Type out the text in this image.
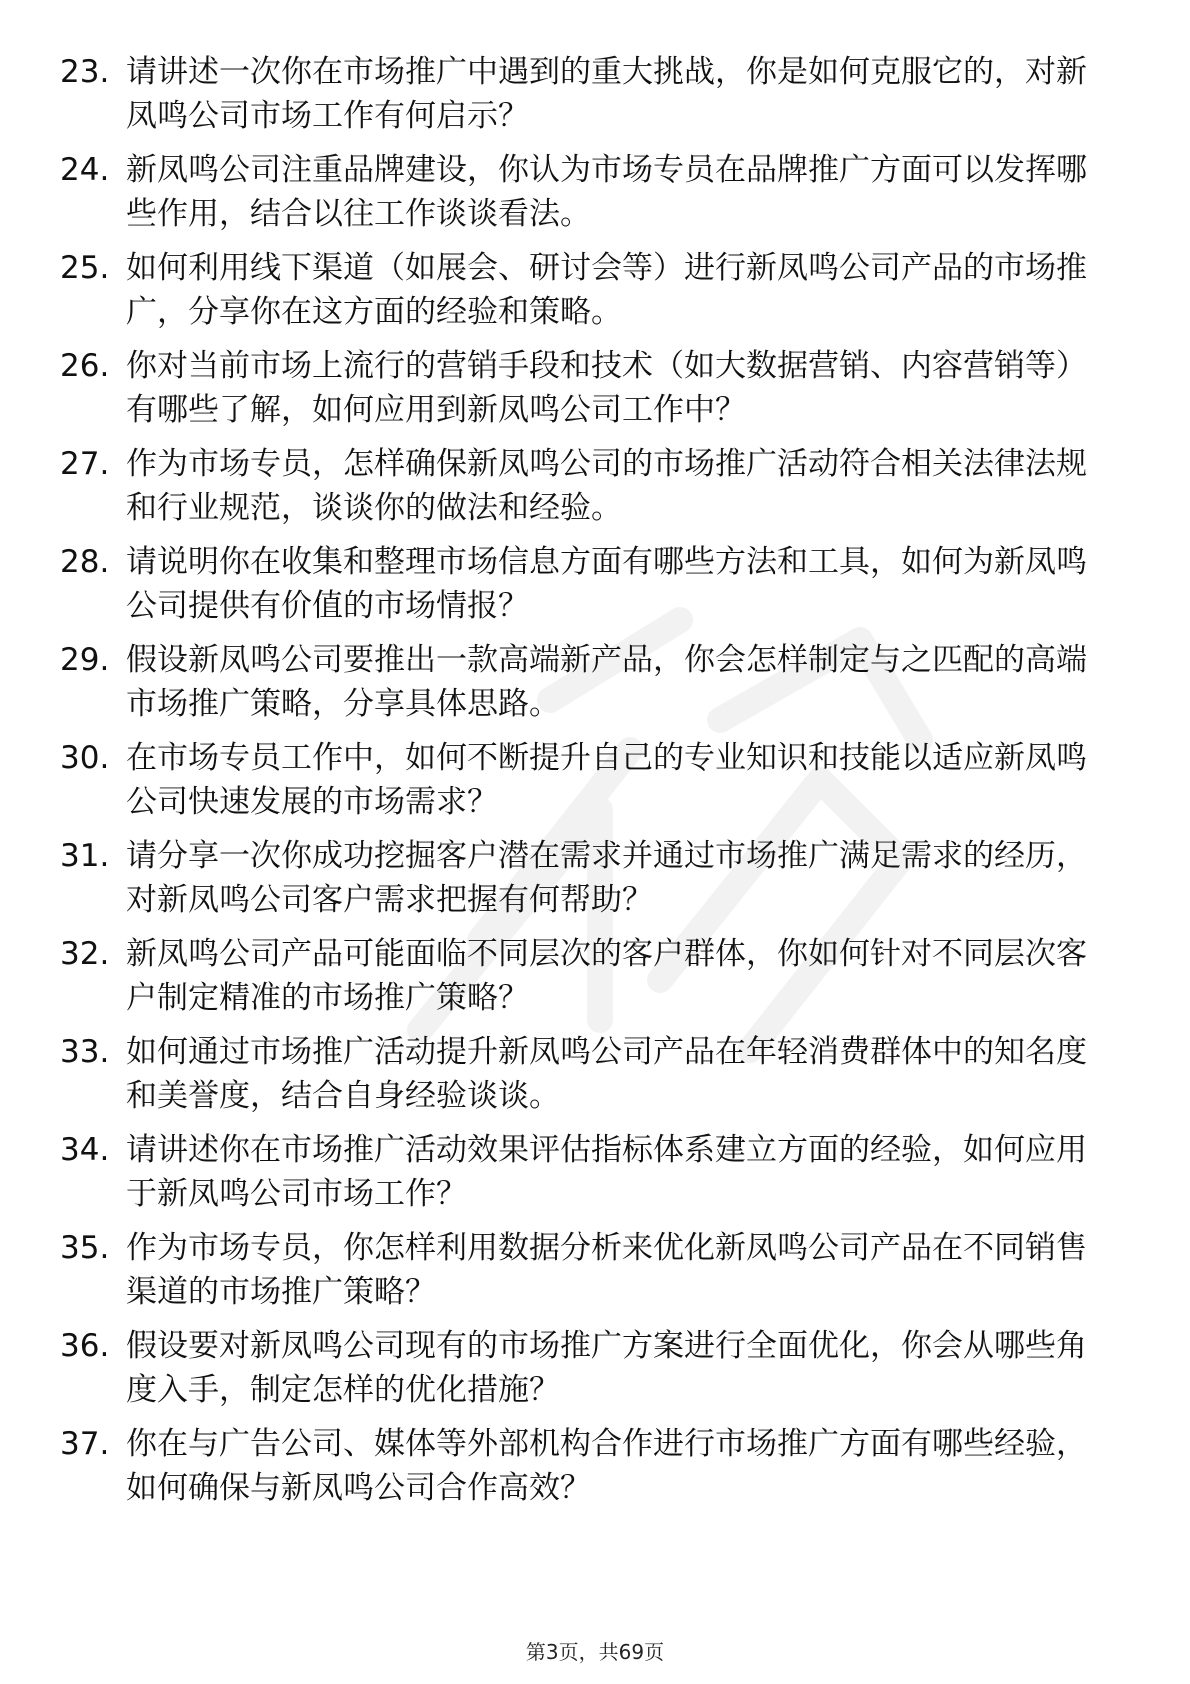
23. 请讲述一次你在市场推广中遇到的重大挑战，你是如何克服它的，对新凤鸣公司市场工作有何启示？
24. 新凤鸣公司注重品牌建设，你认为市场专员在品牌推广方面可以发挥哪些作用，结合以往工作谈谈看法。
25. 如何利用线下渠道（如展会、研讨会等）进行新凤鸣公司产品的市场推广，分享你在这方面的经验和策略。
26. 你对当前市场上流行的营销手段和技术（如大数据营销、内容营销等）有哪些了解，如何应用到新凤鸣公司工作中？
27. 作为市场专员，怎样确保新凤鸣公司的市场推广活动符合相关法律法规和行业规范，谈谈你的做法和经验。
28. 请说明你在收集和整理市场信息方面有哪些方法和工具，如何为新凤鸣公司提供有价值的市场情报？
29. 假设新凤鸣公司要推出一款高端新产品，你会怎样制定与之匹配的高端市场推广策略，分享具体思路。
30. 在市场专员工作中，如何不断提升自己的专业知识和技能以适应新凤鸣公司快速发展的市场需求？
31. 请分享一次你成功挖掘客户潜在需求并通过市场推广满足需求的经历，对新凤鸣公司客户需求把握有何帮助？
32. 新凤鸣公司产品可能面临不同层次的客户群体，你如何针对不同层次客户制定精准的市场推广策略？
33. 如何通过市场推广活动提升新凤鸣公司产品在年轻消费群体中的知名度和美誉度，结合自身经验谈谈。
34. 请讲述你在市场推广活动效果评估指标体系建立方面的经验，如何应用于新凤鸣公司市场工作？
35. 作为市场专员，你怎样利用数据分析来优化新凤鸣公司产品在不同销售渠道的市场推广策略？
36. 假设要对新凤鸣公司现有的市场推广方案进行全面优化，你会从哪些角度入手，制定怎样的优化措施？
37. 你在与广告公司、媒体等外部机构合作进行市场推广方面有哪些经验，如何确保与新凤鸣公司合作高效？
第3页，共69页
